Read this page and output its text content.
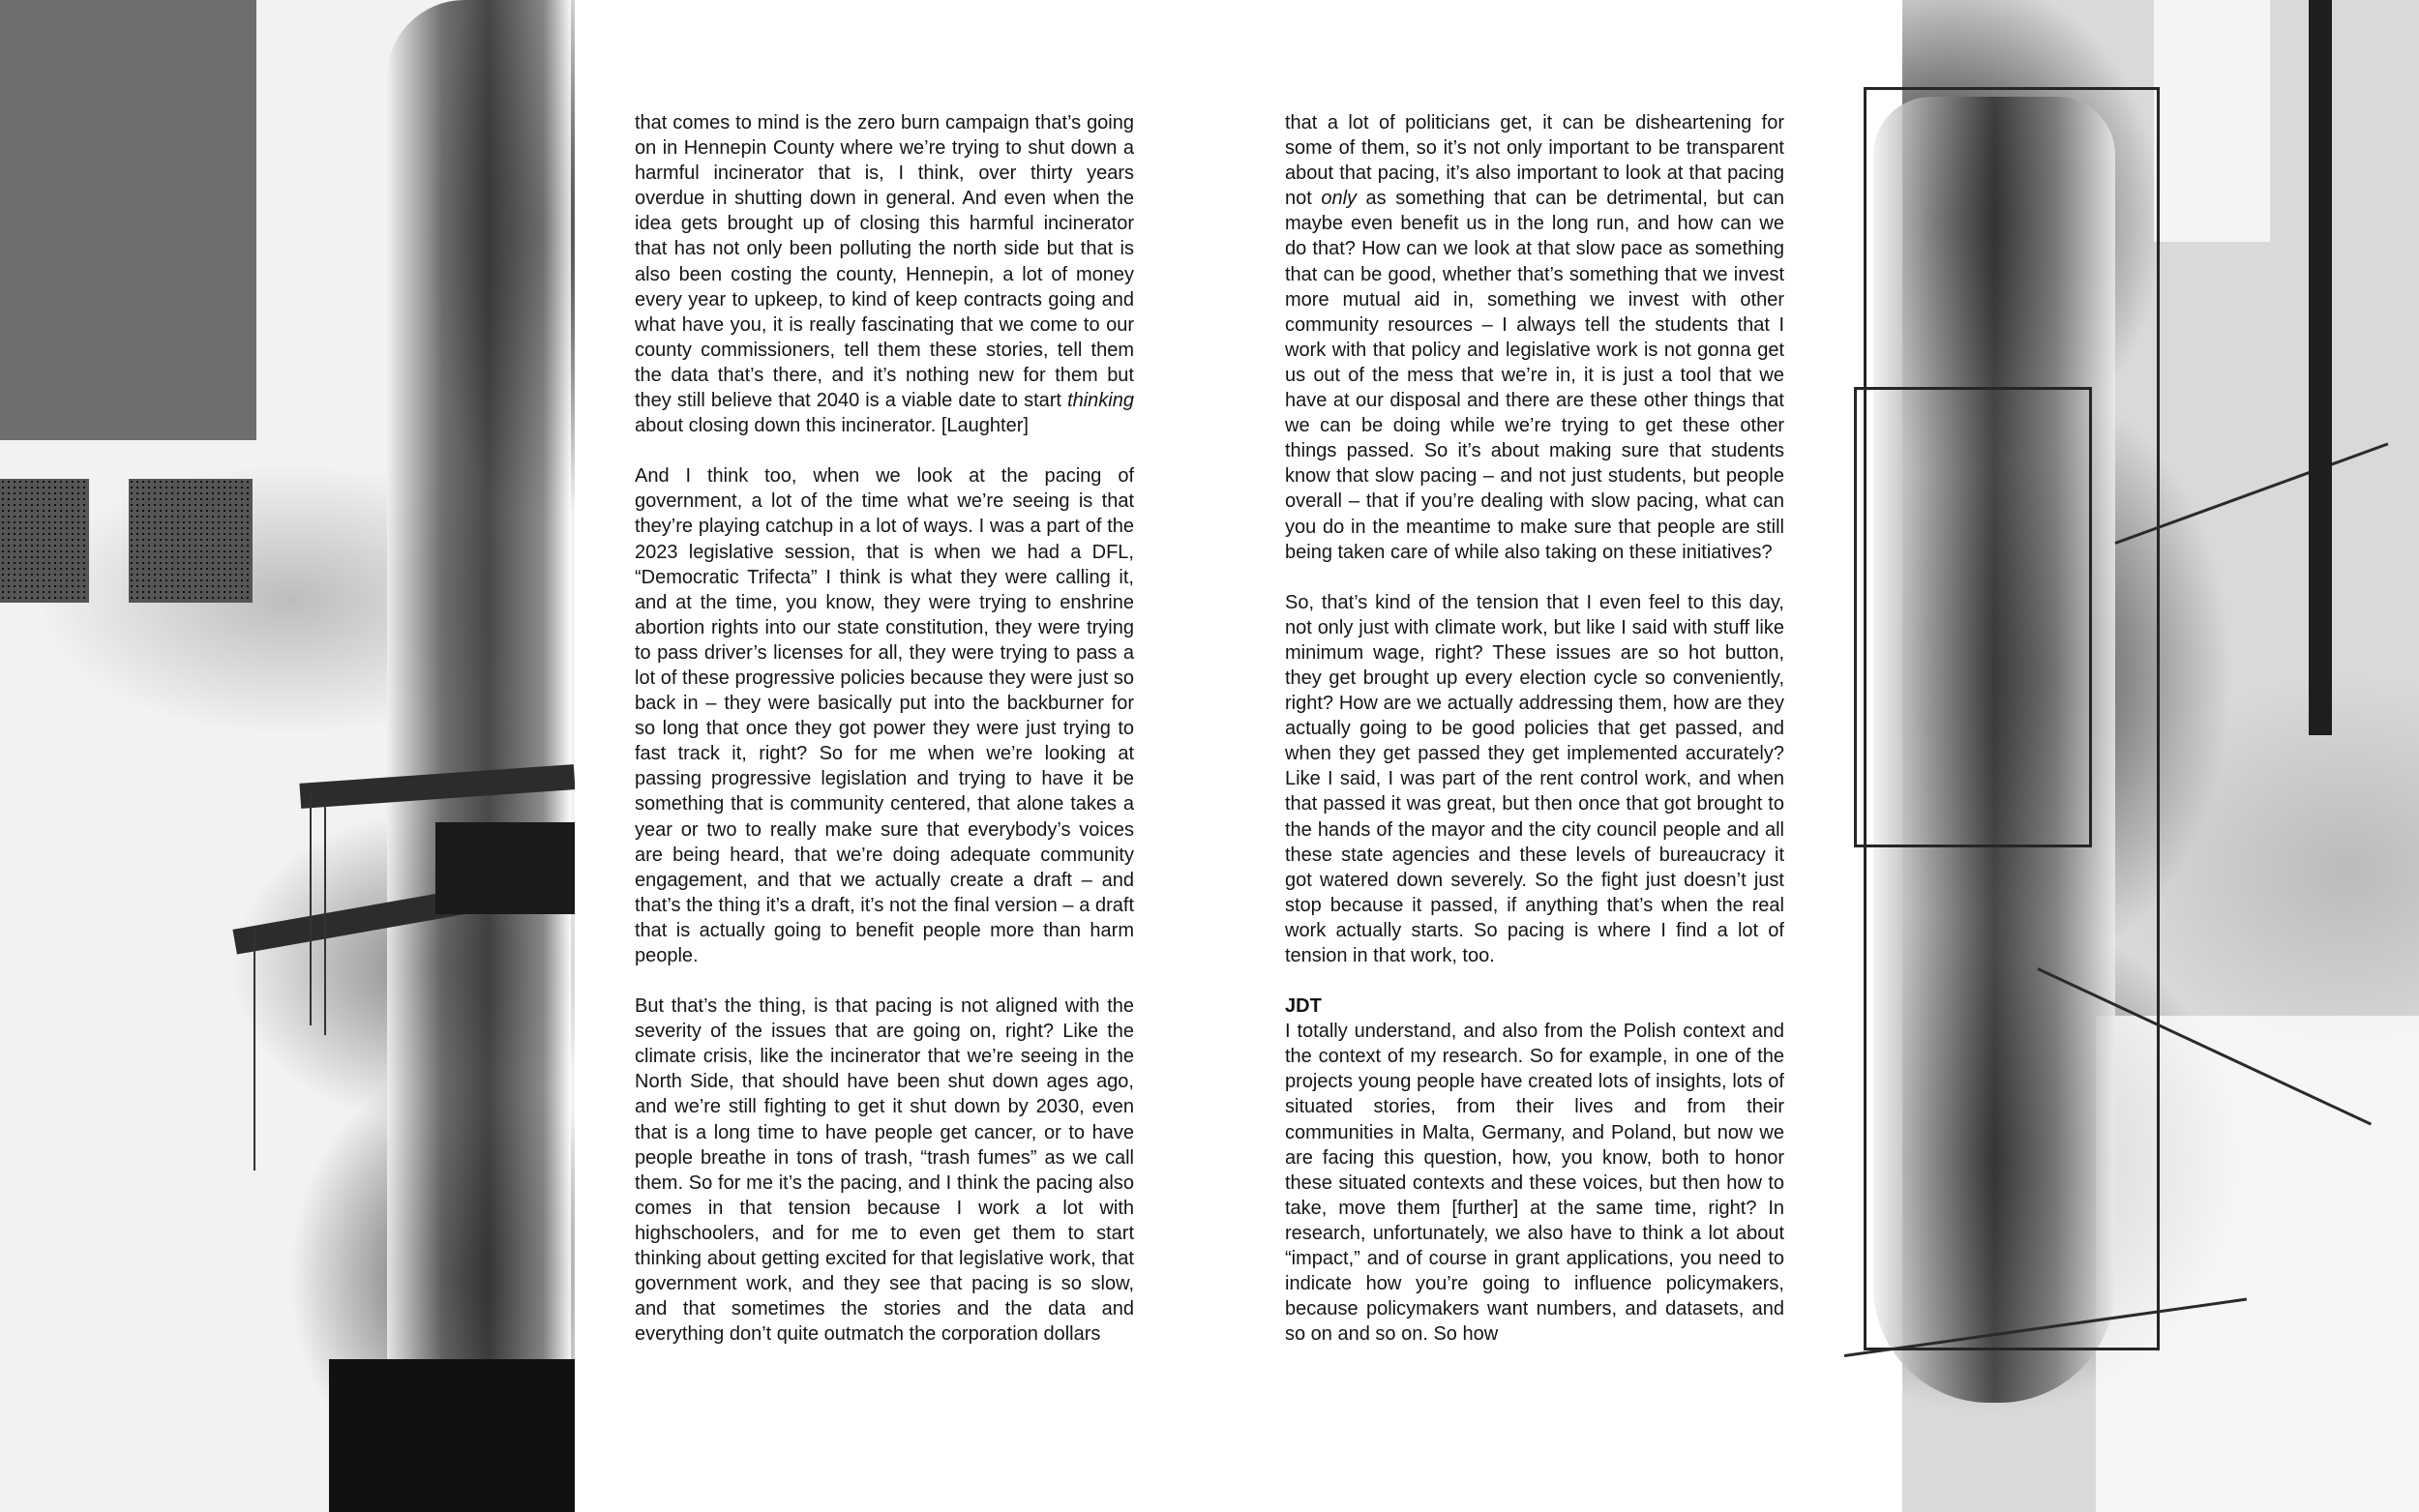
that comes to mind is the zero burn campaign that’s going on in Hennepin County where we’re trying to shut down a harmful incinerator that is, I think, over thirty years overdue in shutting down in general. And even when the idea gets brought up of closing this harmful incinerator that has not only been polluting the north side but that is also been costing the county, Hennepin, a lot of money every year to upkeep, to kind of keep contracts going and what have you, it is really fascinating that we come to our county commissioners, tell them these stories, tell them the data that’s there, and it’s nothing new for them but they still believe that 2040 is a viable date to start thinking about closing down this incinerator. [Laughter]

And I think too, when we look at the pacing of government, a lot of the time what we’re seeing is that they’re playing catchup in a lot of ways. I was a part of the 2023 legislative session, that is when we had a DFL, “Democratic Trifecta” I think is what they were calling it, and at the time, you know, they were trying to enshrine abortion rights into our state constitution, they were trying to pass driver’s licenses for all, they were trying to pass a lot of these progressive policies because they were just so back in – they were basically put into the backburner for so long that once they got power they were just trying to fast track it, right? So for me when we’re looking at passing progressive legislation and trying to have it be something that is community centered, that alone takes a year or two to really make sure that everybody’s voices are being heard, that we’re doing adequate community engagement, and that we actually create a draft – and that’s the thing it’s a draft, it’s not the final version – a draft that is actually going to benefit people more than harm people.

But that’s the thing, is that pacing is not aligned with the severity of the issues that are going on, right? Like the climate crisis, like the incinerator that we’re seeing in the North Side, that should have been shut down ages ago, and we’re still fighting to get it shut down by 2030, even that is a long time to have people get cancer, or to have people breathe in tons of trash, “trash fumes” as we call them. So for me it’s the pacing, and I think the pacing also comes in that tension because I work a lot with highschoolers, and for me to even get them to start thinking about getting excited for that legislative work, that government work, and they see that pacing is so slow, and that sometimes the stories and the data and everything don’t quite outmatch the corporation dollars

that a lot of politicians get, it can be disheartening for some of them, so it’s not only important to be transparent about that pacing, it’s also important to look at that pacing not only as something that can be detrimental, but can maybe even benefit us in the long run, and how can we do that? How can we look at that slow pace as something that can be good, whether that’s something that we invest more mutual aid in, something we invest with other community resources – I always tell the students that I work with that policy and legislative work is not gonna get us out of the mess that we’re in, it is just a tool that we have at our disposal and there are these other things that we can be doing while we’re trying to get these other things passed. So it’s about making sure that students know that slow pacing – and not just students, but people overall – that if you’re dealing with slow pacing, what can you do in the meantime to make sure that people are still being taken care of while also taking on these initiatives?

So, that’s kind of the tension that I even feel to this day, not only just with climate work, but like I said with stuff like minimum wage, right? These issues are so hot button, they get brought up every election cycle so conveniently, right? How are we actually addressing them, how are they actually going to be good policies that get passed, and when they get passed they get implemented accurately? Like I said, I was part of the rent control work, and when that passed it was great, but then once that got brought to the hands of the mayor and the city council people and all these state agencies and these levels of bureaucracy it got watered down severely. So the fight just doesn’t just stop because it passed, if anything that’s when the real work actually starts. So pacing is where I find a lot of tension in that work, too.

JDT
I totally understand, and also from the Polish context and the context of my research. So for example, in one of the projects young people have created lots of insights, lots of situated stories, from their lives and from their communities in Malta, Germany, and Poland, but now we are facing this question, how, you know, both to honor these situated contexts and these voices, but then how to take, move them [further] at the same time, right? In research, unfortunately, we also have to think a lot about “impact,” and of course in grant applications, you need to indicate how you’re going to influence policymakers, because policymakers want numbers, and datasets, and so on and so on. So how
